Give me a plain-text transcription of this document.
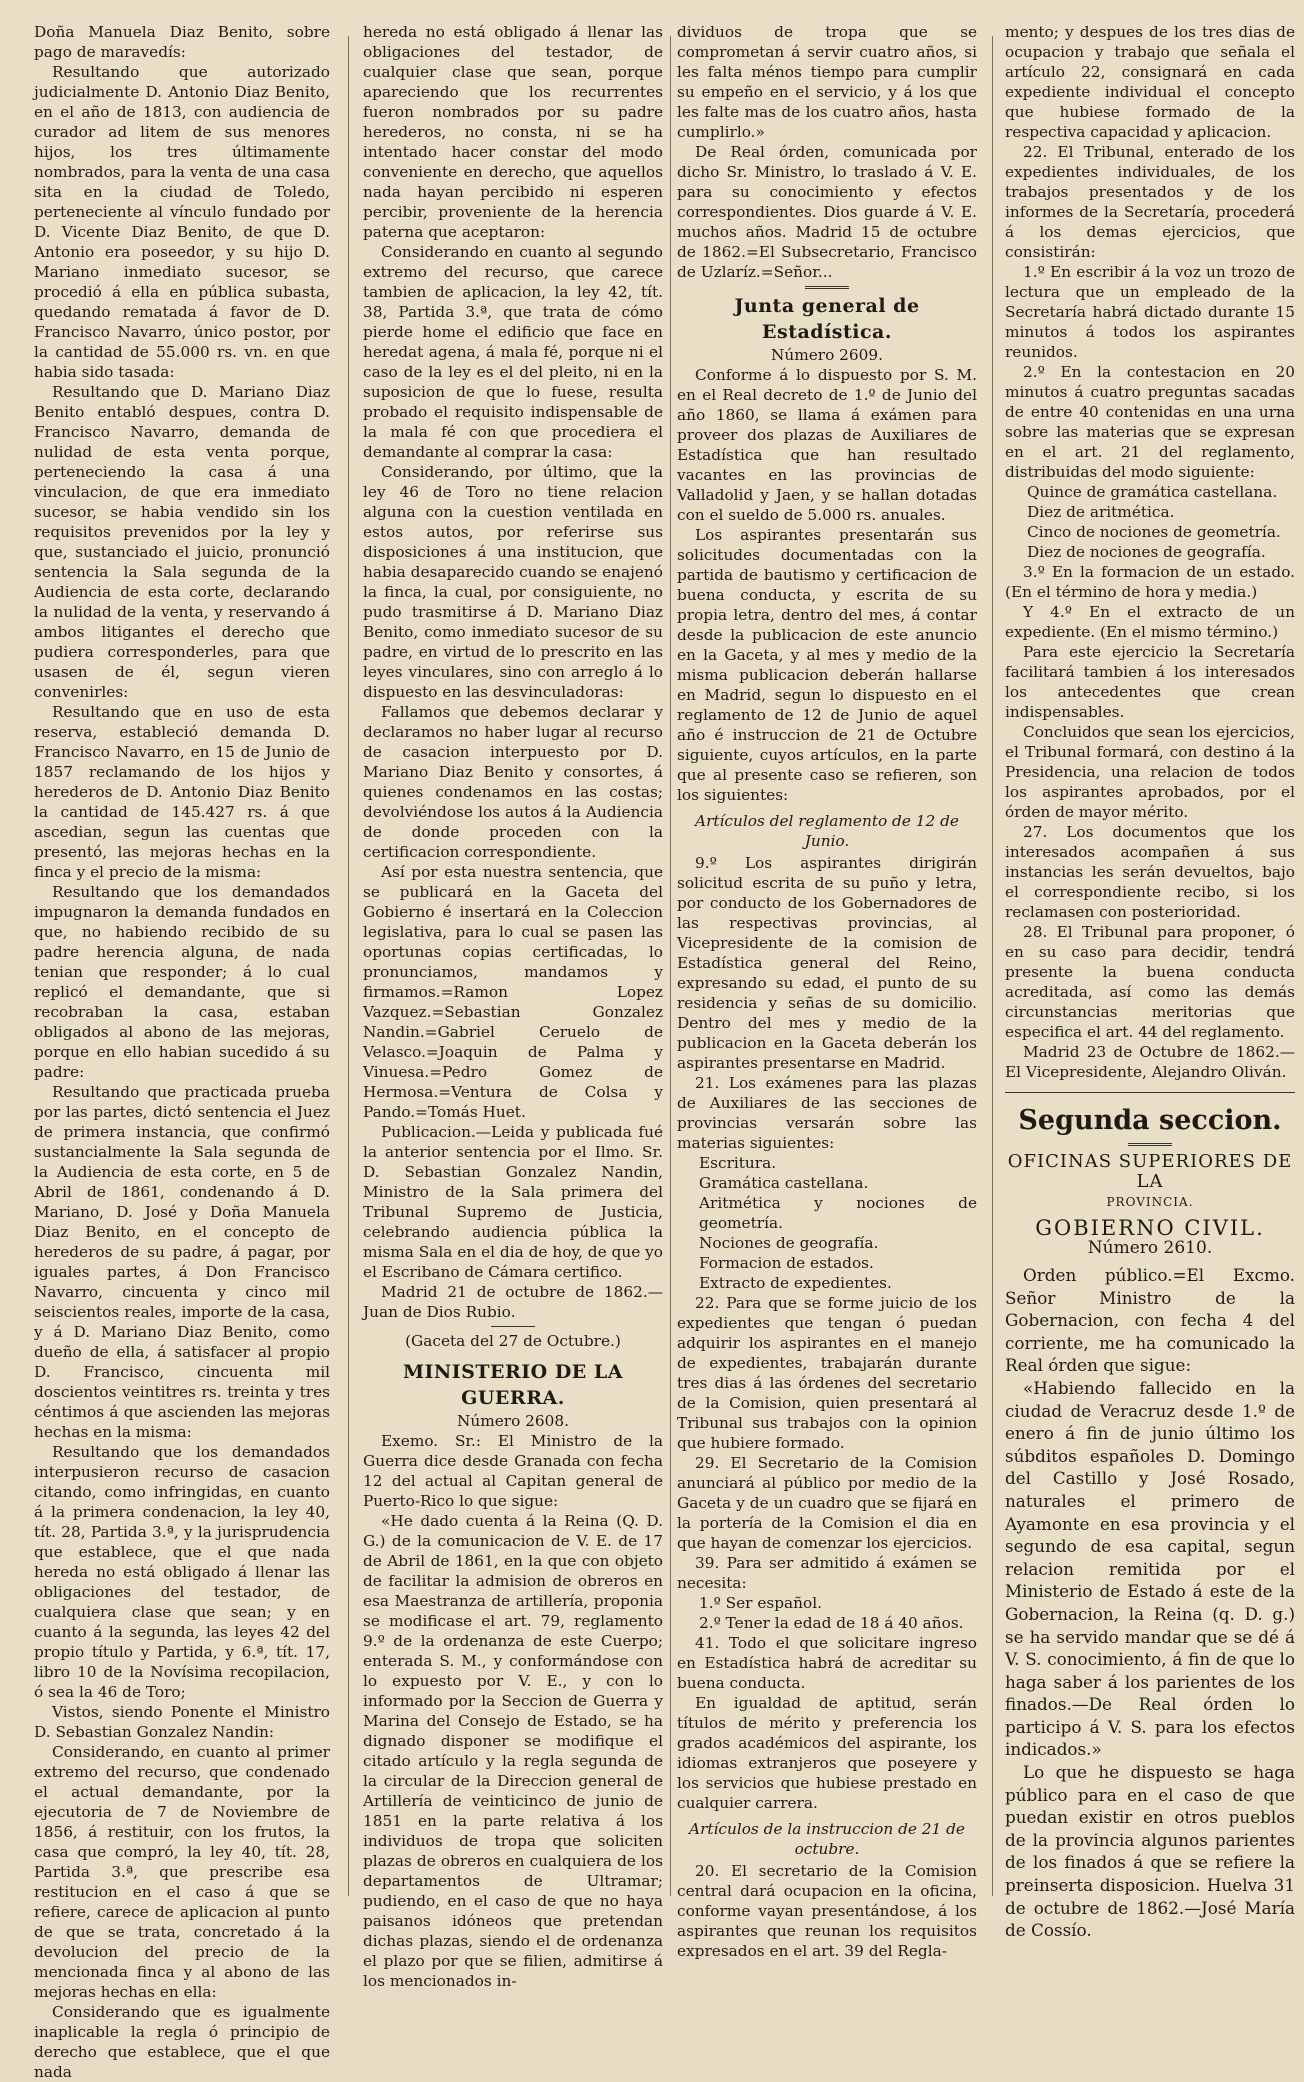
Doña Manuela Diaz Benito, sobre pago de maravedís:

Resultando que autorizado judicialmente D. Antonio Diaz Benito, en el año de 1813, con audiencia de curador ad litem de sus menores hijos, los tres últimamente nombrados, para la venta de una casa sita en la ciudad de Toledo, perteneciente al vínculo fundado por D. Vicente Diaz Benito, de que D. Antonio era poseedor, y su hijo D. Mariano inmediato sucesor, se procedió á ella en pública subasta, quedando rematada á favor de D. Francisco Navarro, único postor, por la cantidad de 55.000 rs. vn. en que habia sido tasada:

Resultando que D. Mariano Diaz Benito entabló despues, contra D. Francisco Navarro, demanda de nulidad de esta venta porque, perteneciendo la casa á una vinculacion, de que era inmediato sucesor, se habia vendido sin los requisitos prevenidos por la ley y que, sustanciado el juicio, pronunció sentencia la Sala segunda de la Audiencia de esta corte, declarando la nulidad de la venta, y reservando á ambos litigantes el derecho que pudiera corresponderles, para que usasen de él, segun vieren convenirles:

Resultando que en uso de esta reserva, estableció demanda D. Francisco Navarro, en 15 de Junio de 1857 reclamando de los hijos y herederos de D. Antonio Diaz Benito la cantidad de 145.427 rs. á que ascedian, segun las cuentas que presentó, las mejoras hechas en la finca y el precio de la misma:

Resultando que los demandados impugnaron la demanda fundados en que, no habiendo recibido de su padre herencia alguna, de nada tenian que responder; á lo cual replicó el demandante, que si recobraban la casa, estaban obligados al abono de las mejoras, porque en ello habian sucedido á su padre:

Resultando que practicada prueba por las partes, dictó sentencia el Juez de primera instancia, que confirmó sustancialmente la Sala segunda de la Audiencia de esta corte, en 5 de Abril de 1861, condenando á D. Mariano, D. José y Doña Manuela Diaz Benito, en el concepto de herederos de su padre, á pagar, por iguales partes, á Don Francisco Navarro, cincuenta y cinco mil seiscientos reales, importe de la casa, y á D. Mariano Diaz Benito, como dueño de ella, á satisfacer al propio D. Francisco, cincuenta mil doscientos veintitres rs. treinta y tres céntimos á que ascienden las mejoras hechas en la misma:

Resultando que los demandados interpusieron recurso de casacion citando, como infringidas, en cuanto á la primera condenacion, la ley 40, tít. 28, Partida 3.ª, y la jurisprudencia que establece, que el que nada hereda no está obligado á llenar las obligaciones del testador, de cualquiera clase que sean; y en cuanto á la segunda, las leyes 42 del propio título y Partida, y 6.ª, tít. 17, libro 10 de la Novísima recopilacion, ó sea la 46 de Toro;

Vistos, siendo Ponente el Ministro D. Sebastian Gonzalez Nandin:

Considerando, en cuanto al primer extremo del recurso, que condenado el actual demandante, por la ejecutoria de 7 de Noviembre de 1856, á restituir, con los frutos, la casa que compró, la ley 40, tít. 28, Partida 3.ª, que prescribe esa restitucion en el caso á que se refiere, carece de aplicacion al punto de que se trata, concretado á la devolucion del precio de la mencionada finca y al abono de las mejoras hechas en ella:

Considerando que es igualmente inaplicable la regla ó principio de derecho que establece, que el que nada

hereda no está obligado á llenar las obligaciones del testador, de cualquier clase que sean, porque apareciendo que los recurrentes fueron nombrados por su padre herederos, no consta, ni se ha intentado hacer constar del modo conveniente en derecho, que aquellos nada hayan percibido ni esperen percibir, proveniente de la herencia paterna que aceptaron:

Considerando en cuanto al segundo extremo del recurso, que carece tambien de aplicacion, la ley 42, tít. 38, Partida 3.ª, que trata de cómo pierde home el edificio que face en heredat agena, á mala fé, porque ni el caso de la ley es el del pleito, ni en la suposicion de que lo fuese, resulta probado el requisito indispensable de la mala fé con que procediera el demandante al comprar la casa:

Considerando, por último, que la ley 46 de Toro no tiene relacion alguna con la cuestion ventilada en estos autos, por referirse sus disposiciones á una institucion, que habia desaparecido cuando se enajenó la finca, la cual, por consiguiente, no pudo trasmitirse á D. Mariano Diaz Benito, como inmediato sucesor de su padre, en virtud de lo prescrito en las leyes vinculares, sino con arreglo á lo dispuesto en las desvinculadoras:

Fallamos que debemos declarar y declaramos no haber lugar al recurso de casacion interpuesto por D. Mariano Diaz Benito y consortes, á quienes condenamos en las costas; devolviéndose los autos á la Audiencia de donde proceden con la certificacion correspondiente.

Así por esta nuestra sentencia, que se publicará en la Gaceta del Gobierno é insertará en la Coleccion legislativa, para lo cual se pasen las oportunas copias certificadas, lo pronunciamos, mandamos y firmamos.=Ramon Lopez Vazquez.=Sebastian Gonzalez Nandin.=Gabriel Ceruelo de Velasco.=Joaquin de Palma y Vinuesa.=Pedro Gomez de Hermosa.=Ventura de Colsa y Pando.=Tomás Huet.

Publicacion.—Leida y publicada fué la anterior sentencia por el Ilmo. Sr. D. Sebastian Gonzalez Nandin, Ministro de la Sala primera del Tribunal Supremo de Justicia, celebrando audiencia pública la misma Sala en el dia de hoy, de que yo el Escribano de Cámara certifico.

Madrid 21 de octubre de 1862.—Juan de Dios Rubio.

(Gaceta del 27 de Octubre.)

MINISTERIO DE LA GUERRA.

Número 2608.

Exemo. Sr.: El Ministro de la Guerra dice desde Granada con fecha 12 del actual al Capitan general de Puerto-Rico lo que sigue:

«He dado cuenta á la Reina (Q. D. G.) de la comunicacion de V. E. de 17 de Abril de 1861, en la que con objeto de facilitar la admision de obreros en esa Maestranza de artillería, proponia se modificase el art. 79, reglamento 9.º de la ordenanza de este Cuerpo; enterada S. M., y conformándose con lo expuesto por V. E., y con lo informado por la Seccion de Guerra y Marina del Consejo de Estado, se ha dignado disponer se modifique el citado artículo y la regla segunda de la circular de la Direccion general de Artillería de veinticinco de junio de 1851 en la parte relativa á los individuos de tropa que soliciten plazas de obreros en cualquiera de los departamentos de Ultramar; pudiendo, en el caso de que no haya paisanos idóneos que pretendan dichas plazas, siendo el de ordenanza el plazo por que se filien, admitirse á los mencionados in-

dividuos de tropa que se comprometan á servir cuatro años, si les falta ménos tiempo para cumplir su empeño en el servicio, y á los que les falte mas de los cuatro años, hasta cumplirlo.»

De Real órden, comunicada por dicho Sr. Ministro, lo traslado á V. E. para su conocimiento y efectos correspondientes. Dios guarde á V. E. muchos años. Madrid 15 de octubre de 1862.=El Subsecretario, Francisco de Uzlaríz.=Señor...

Junta general de Estadística.

Número 2609.

Conforme á lo dispuesto por S. M. en el Real decreto de 1.º de Junio del año 1860, se llama á exámen para proveer dos plazas de Auxiliares de Estadística que han resultado vacantes en las provincias de Valladolid y Jaen, y se hallan dotadas con el sueldo de 5.000 rs. anuales.

Los aspirantes presentarán sus solicitudes documentadas con la partida de bautismo y certificacion de buena conducta, y escrita de su propia letra, dentro del mes, á contar desde la publicacion de este anuncio en la Gaceta, y al mes y medio de la misma publicacion deberán hallarse en Madrid, segun lo dispuesto en el reglamento de 12 de Junio de aquel año é instruccion de 21 de Octubre siguiente, cuyos artículos, en la parte que al presente caso se refieren, son los siguientes:

Artículos del reglamento de 12 de Junio.

9.º Los aspirantes dirigirán solicitud escrita de su puño y letra, por conducto de los Gobernadores de las respectivas provincias, al Vicepresidente de la comision de Estadística general del Reino, expresando su edad, el punto de su residencia y señas de su domicilio. Dentro del mes y medio de la publicacion en la Gaceta deberán los aspirantes presentarse en Madrid.

21. Los exámenes para las plazas de Auxiliares de las secciones de provincias versarán sobre las materias siguientes:

Escritura.

Gramática castellana.

Aritmética y nociones de geometría.

Nociones de geografía.

Formacion de estados.

Extracto de expedientes.

22. Para que se forme juicio de los expedientes que tengan ó puedan adquirir los aspirantes en el manejo de expedientes, trabajarán durante tres dias á las órdenes del secretario de la Comision, quien presentará al Tribunal sus trabajos con la opinion que hubiere formado.

29. El Secretario de la Comision anunciará al público por medio de la Gaceta y de un cuadro que se fijará en la portería de la Comision el dia en que hayan de comenzar los ejercicios.

39. Para ser admitido á exámen se necesita:

1.º Ser español.

2.º Tener la edad de 18 á 40 años.

41. Todo el que solicitare ingreso en Estadística habrá de acreditar su buena conducta.

En igualdad de aptitud, serán títulos de mérito y preferencia los grados académicos del aspirante, los idiomas extranjeros que poseyere y los servicios que hubiese prestado en cualquier carrera.

Artículos de la instruccion de 21 de octubre.

20. El secretario de la Comision central dará ocupacion en la oficina, conforme vayan presentándose, á los aspirantes que reunan los requisitos expresados en el art. 39 del Regla-

mento; y despues de los tres dias de ocupacion y trabajo que señala el artículo 22, consignará en cada expediente individual el concepto que hubiese formado de la respectiva capacidad y aplicacion.

22. El Tribunal, enterado de los expedientes individuales, de los trabajos presentados y de los informes de la Secretaría, procederá á los demas ejercicios, que consistirán:

1.º En escribir á la voz un trozo de lectura que un empleado de la Secretaría habrá dictado durante 15 minutos á todos los aspirantes reunidos.

2.º En la contestacion en 20 minutos á cuatro preguntas sacadas de entre 40 contenidas en una urna sobre las materias que se expresan en el art. 21 del reglamento, distribuidas del modo siguiente:

Quince de gramática castellana.

Diez de aritmética.

Cinco de nociones de geometría.

Diez de nociones de geografía.

3.º En la formacion de un estado. (En el término de hora y media.)

Y 4.º En el extracto de un expediente. (En el mismo término.)

Para este ejercicio la Secretaría facilitará tambien á los interesados los antecedentes que crean indispensables.

Concluidos que sean los ejercicios, el Tribunal formará, con destino á la Presidencia, una relacion de todos los aspirantes aprobados, por el órden de mayor mérito.

27. Los documentos que los interesados acompañen á sus instancias les serán devueltos, bajo el correspondiente recibo, si los reclamasen con posterioridad.

28. El Tribunal para proponer, ó en su caso para decidir, tendrá presente la buena conducta acreditada, así como las demás circunstancias meritorias que especifica el art. 44 del reglamento.

Madrid 23 de Octubre de 1862.—El Vicepresidente, Alejandro Oliván.

Segunda seccion.

OFICINAS SUPERIORES DE LA

PROVINCIA.

GOBIERNO CIVIL.

Número 2610.

Orden público.=El Excmo. Señor Ministro de la Gobernacion, con fecha 4 del corriente, me ha comunicado la Real órden que sigue:

«Habiendo fallecido en la ciudad de Veracruz desde 1.º de enero á fin de junio último los súbditos españoles D. Domingo del Castillo y José Rosado, naturales el primero de Ayamonte en esa provincia y el segundo de esa capital, segun relacion remitida por el Ministerio de Estado á este de la Gobernacion, la Reina (q. D. g.) se ha servido mandar que se dé á V. S. conocimiento, á fin de que lo haga saber á los parientes de los finados.—De Real órden lo participo á V. S. para los efectos indicados.»

Lo que he dispuesto se haga público para en el caso de que puedan existir en otros pueblos de la provincia algunos parientes de los finados á que se refiere la preinserta disposicion. Huelva 31 de octubre de 1862.—José María de Cossío.
